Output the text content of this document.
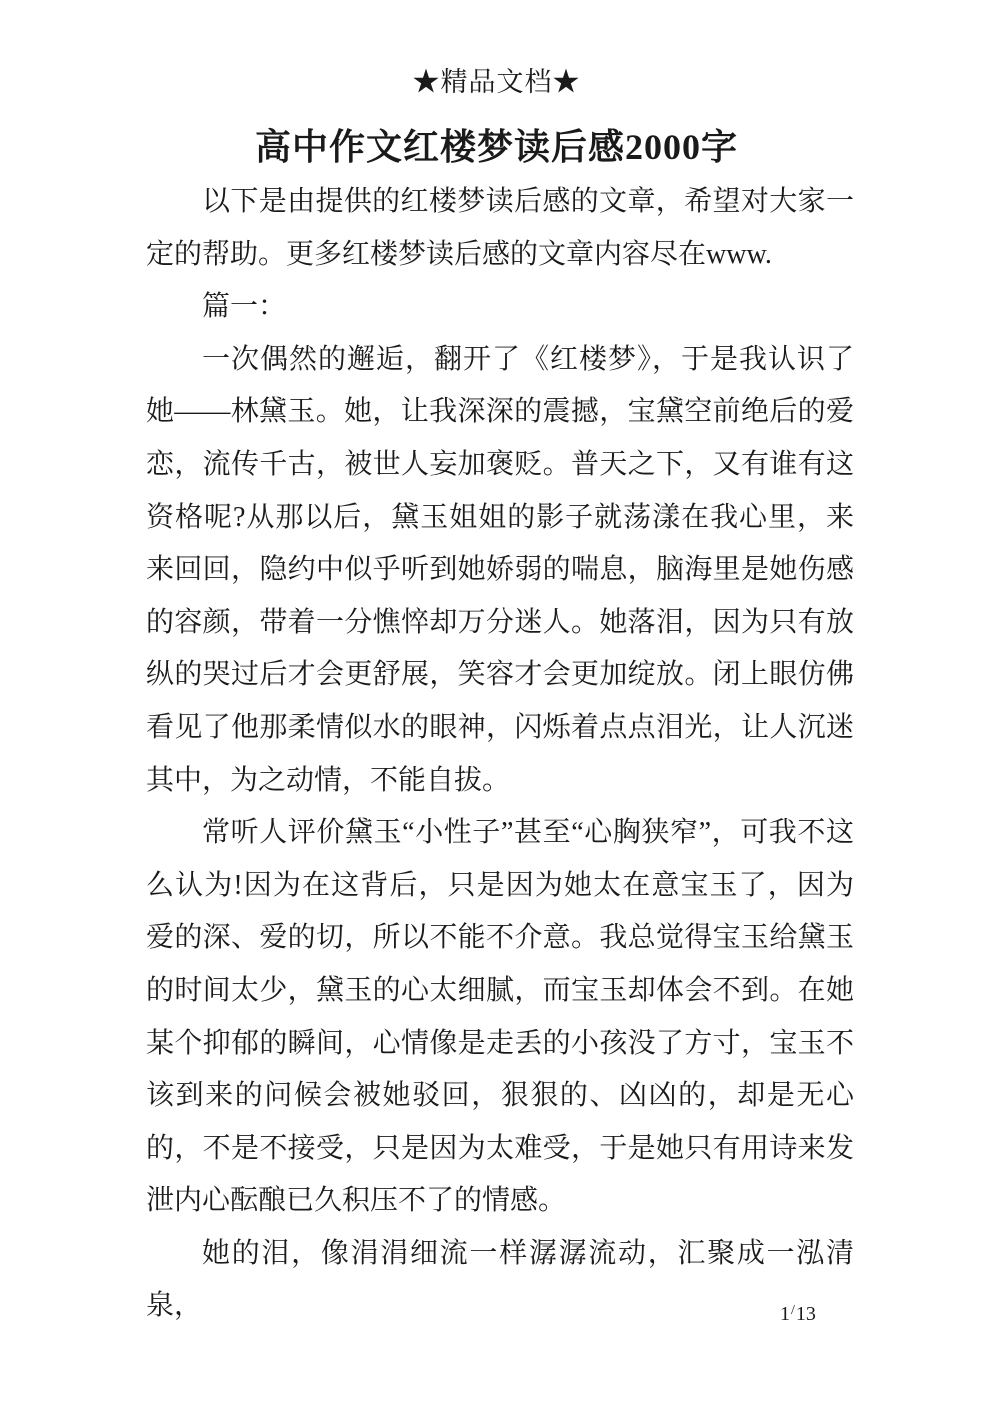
★精品文档★
高中作文红楼梦读后感2000字

以下是由提供的红楼梦读后感的文章，希望对大家一定的帮助。更多红楼梦读后感的文章内容尽在www.

篇一：

一次偶然的邂逅，翻开了《红楼梦》，于是我认识了她——林黛玉。她，让我深深的震撼，宝黛空前绝后的爱恋，流传千古，被世人妄加褒贬。普天之下，又有谁有这资格呢?从那以后，黛玉姐姐的影子就荡漾在我心里，来来回回，隐约中似乎听到她娇弱的喘息，脑海里是她伤感的容颜，带着一分憔悴却万分迷人。她落泪，因为只有放纵的哭过后才会更舒展，笑容才会更加绽放。闭上眼仿佛看见了他那柔情似水的眼神，闪烁着点点泪光，让人沉迷其中，为之动情，不能自拔。

常听人评价黛玉“小性子”甚至“心胸狭窄”，可我不这么认为!因为在这背后，只是因为她太在意宝玉了，因为爱的深、爱的切，所以不能不介意。我总觉得宝玉给黛玉的时间太少，黛玉的心太细腻，而宝玉却体会不到。在她某个抑郁的瞬间，心情像是走丢的小孩没了方寸，宝玉不该到来的问候会被她驳回，狠狠的、凶凶的，却是无心的，不是不接受，只是因为太难受，于是她只有用诗来发泄内心酝酿已久积压不了的情感。

她的泪，像涓涓细流一样潺潺流动，汇聚成一泓清泉，	1/13
